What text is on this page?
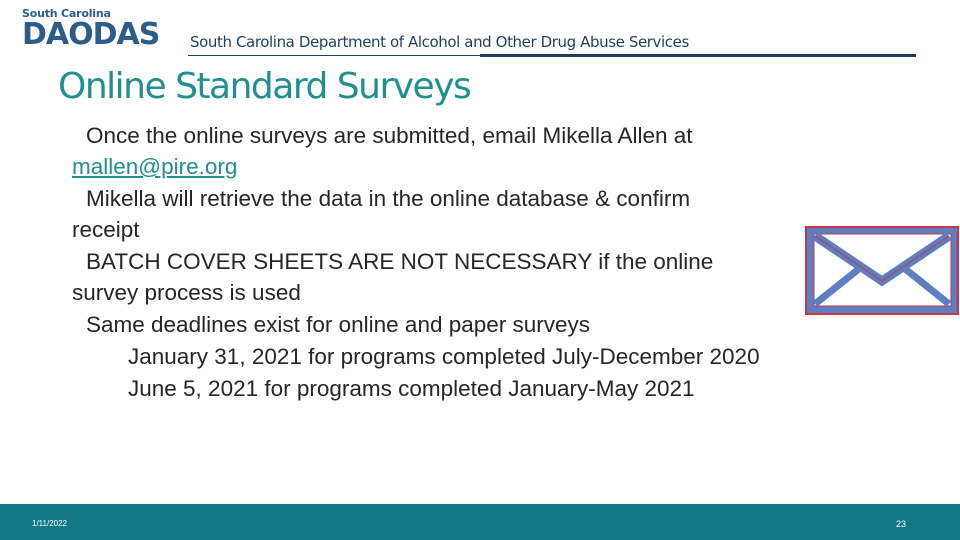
South Carolina
DAODAS South Carolina Department of Alcohol and Other Drug Abuse Services
Online Standard Surveys
Once the online surveys are submitted, email Mikella Allen at mallen@pire.org
Mikella will retrieve the data in the online database & confirm receipt
BATCH COVER SHEETS ARE NOT NECESSARY if the online survey process is used
Same deadlines exist for online and paper surveys
January 31, 2021 for programs completed July-December 2020
June 5, 2021 for programs completed January-May 2021
1/11/2022	23
